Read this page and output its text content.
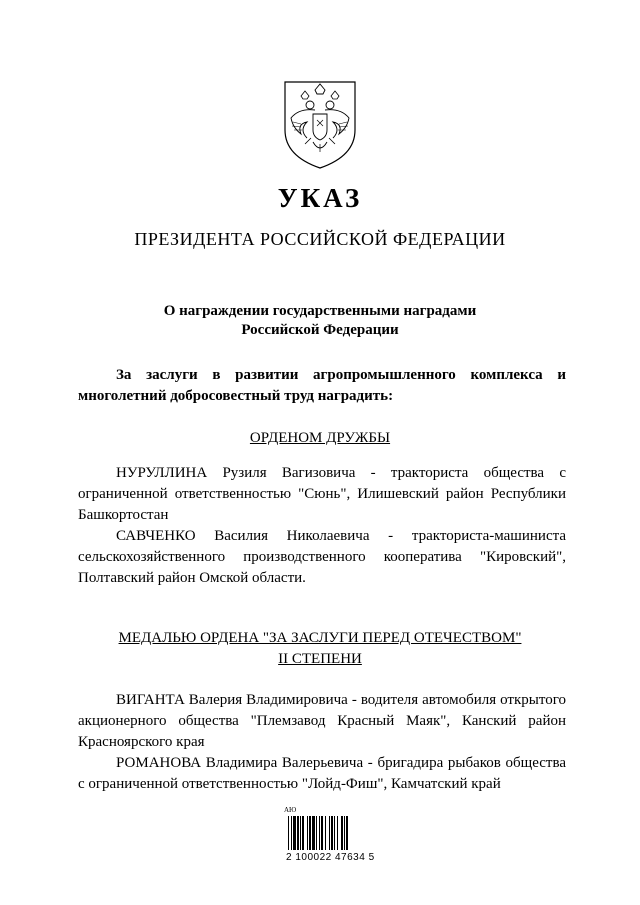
УКАЗ
ПРЕЗИДЕНТА РОССИЙСКОЙ ФЕДЕРАЦИИ
О награждении государственными наградами
Российской Федерации
За заслуги в развитии агропромышленного комплекса и многолетний добросовестный труд наградить:
ОРДЕНОМ ДРУЖБЫ
НУРУЛЛИНА Рузиля Вагизовича - тракториста общества с ограниченной ответственностью "Сюнь", Илишевский район Республики Башкортостан
САВЧЕНКО Василия Николаевича - тракториста-машиниста сельскохозяйственного производственного кооператива "Кировский", Полтавский район Омской области.
МЕДАЛЬЮ ОРДЕНА "ЗА ЗАСЛУГИ ПЕРЕД ОТЕЧЕСТВОМ"
II СТЕПЕНИ
ВИГАНТА Валерия Владимировича - водителя автомобиля открытого акционерного общества "Племзавод Красный Маяк", Канский район Красноярского края
РОМАНОВА Владимира Валерьевича - бригадира рыбаков общества с ограниченной ответственностью "Лойд-Фиш", Камчатский край
АЮ
2 100022 47634 5
